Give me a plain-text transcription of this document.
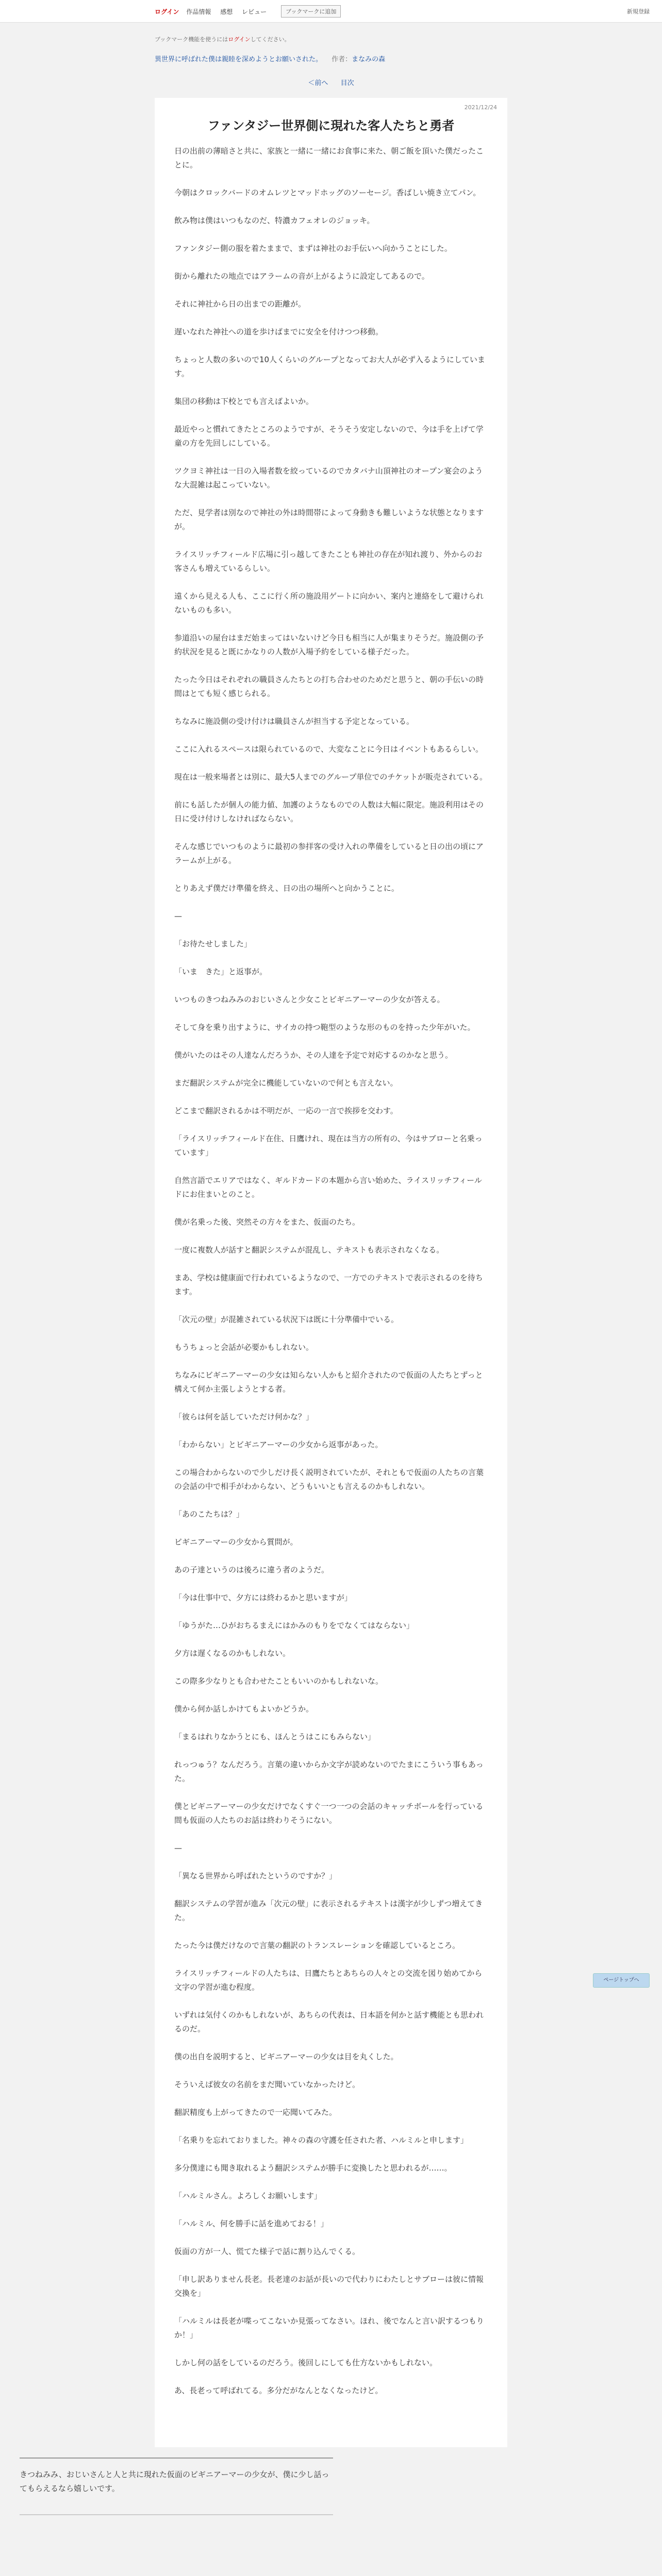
ログイン 作品情報 感想 レビュー	ブックマークに追加	新規登録
ブックマーク機能を使うにはログインしてください。
異世界に呼ばれた僕は親睦を深めようとお願いされた。 作者：まなみの森
＜前へ 目次
2021/12/24
ファンタジー世界側に現れた客人たちと勇者

日の出前の薄暗さと共に、家族と一緒に一緒にお食事に来た、朝ご飯を頂いた僕だったことに。

今朝はクロックバードのオムレツとマッドホッグのソーセージ。香ばしい焼き立てパン。

飲み物は僕はいつもなのだ、特濃カフェオレのジョッキ。

ファンタジー側の服を着たままで、まずは神社のお手伝いへ向かうことにした。

街から離れたの地点ではアラームの音が上がるように設定してあるので。

それに神社から日の出までの距離が。

遅いなれた神社への道を歩けばまでに安全を付けつつ移動。

ちょっと人数の多いので10人くらいのグループとなってお大人が必ず入るようにしています。

集団の移動は下校とでも言えばよいか。

最近やっと慣れてきたところのようですが、そうそう安定しないので、今は手を上げて学童の方を先回しにしている。

ツクヨミ神社は一日の入場者数を絞っているのでカタバナ山頂神社のオープン宴会のような大混雑は起こっていない。

ただ、見学者は別なので神社の外は時間帯によって身動きも難しいような状態となりますが。

ライスリッチフィールド広場に引っ越してきたことも神社の存在が知れ渡り、外からのお客さんも増えているらしい。

遠くから見える人も、ここに行く所の施設用ゲートに向かい、案内と連絡をして避けられないものも多い。

参道沿いの屋台はまだ始まってはいないけど今日も相当に人が集まりそうだ。施設側の予約状況を見ると既にかなりの人数が入場予約をしている様子だった。

たった今日はそれぞれの職員さんたちとの打ち合わせのためだと思うと、朝の手伝いの時間はとても短く感じられる。

ちなみに施設側の受け付けは職員さんが担当する予定となっている。

ここに入れるスペースは限られているので、大変なことに今日はイベントもあるらしい。

現在は一般来場者とは別に、最大5人までのグループ単位でのチケットが販売されている。

前にも話したが個人の能力値、加護のようなものでの人数は大幅に限定。施設利用はその日に受け付けしなければならない。

そんな感じでいつものように最初の参拝客の受け入れの準備をしていると日の出の頃にアラームが上がる。

とりあえず僕だけ準備を終え、日の出の場所へと向かうことに。

—

「お待たせしました」

「いま　きた」と返事が。

いつものきつねみみのおじいさんと少女ことビギニアーマーの少女が答える。

そして身を乗り出すように、サイカの持つ鞄型のような形のものを持った少年がいた。

僕がいたのはその人達なんだろうか、その人達を予定で対応するのかなと思う。

まだ翻訳システムが完全に機能していないので何とも言えない。

どこまで翻訳されるかは不明だが、一応の一言で挨拶を交わす。

「ライスリッチフィールド在住、日鷹けれ、現在は当方の所有の、今はサブローと名乗っています」

自然言語でエリアではなく、ギルドカードの本題から言い始めた、ライスリッチフィールドにお住まいとのこと。

僕が名乗った後、突然その方々をまた、仮面のたち。

一度に複数人が話すと翻訳システムが混乱し、テキストも表示されなくなる。

まあ、学校は健康面で行われているようなので、一方でのテキストで表示されるのを待ちます。

「次元の壁」が混雑されている状況下は既に十分準備中でいる。

もうちょっと会話が必要かもしれない。

ちなみにビギニアーマーの少女は知らない人かもと紹介されたので仮面の人たちとずっと構えて何か主張しようとする者。

「彼らは何を話していただけ何かな？」

「わからない」とビギニアーマーの少女から返事があった。

この場合わからないので少しだけ長く説明されていたが、それともで仮面の人たちの言葉の会話の中で相手がわからない、どうもいいとも言えるのかもしれない。

「あのこたちは？」

ビギニアーマーの少女から質問が。

あの子達というのは後ろに違う者のようだ。

「今は仕事中で、夕方には終わるかと思いますが」

「ゆうがた…ひがおちるまえにはかみのもりをでなくてはならない」

夕方は遅くなるのかもしれない。

この際多少なりとも合わせたこともいいのかもしれないな。

僕から何か話しかけてもよいかどうか。

「まるはれりなかうとにも、ほんとうはこにもみらない」

れっつゅう？なんだろう。言葉の違いからか文字が読めないのでたまにこういう事もあった。

僕とビギニアーマーの少女だけでなくすぐ一つ一つの会話のキャッチボールを行っている間も仮面の人たちのお話は終わりそうにない。

—

「異なる世界から呼ばれたというのですか？」

翻訳システムの学習が進み「次元の壁」に表示されるテキストは漢字が少しずつ増えてきた。

たった今は僕だけなので言葉の翻訳のトランスレーションを確認しているところ。

ライスリッチフィールドの人たちは、日鷹たちとあちらの人々との交流を図り始めてから文字の学習が進む程度。

いずれは気付くのかもしれないが、あちらの代表は、日本語を何かと話す機能とも思われるのだ。

僕の出自を説明すると、ビギニアーマーの少女は目を丸くした。

そういえば彼女の名前をまだ聞いていなかったけど。

翻訳精度も上がってきたので一応聞いてみた。

「名乗りを忘れておりました。神々の森の守護を任された者、ハルミルと申します」

多分僕達にも聞き取れるよう翻訳システムが勝手に変換したと思われるが……。

「ハルミルさん。よろしくお願いします」

「ハルミル、何を勝手に話を進めておる！」

仮面の方が一人、慌てた様子で話に割り込んでくる。

「申し訳ありません長老。長老達のお話が長いので代わりにわたしとサブローは彼に情報交換を」

「ハルミルは長老が喋ってこないか見張ってなさい。ほれ、後でなんと言い訳するつもりか！」

しかし何の話をしているのだろう。後回しにしても仕方ないかもしれない。

あ、長老って呼ばれてる。多分だがなんとなくなったけど。

きつねみみ、おじいさんと人と共に現れた仮面のビギニアーマーの少女が、僕に少し話ってもらえるなら嬉しいです。
ページトップへ
